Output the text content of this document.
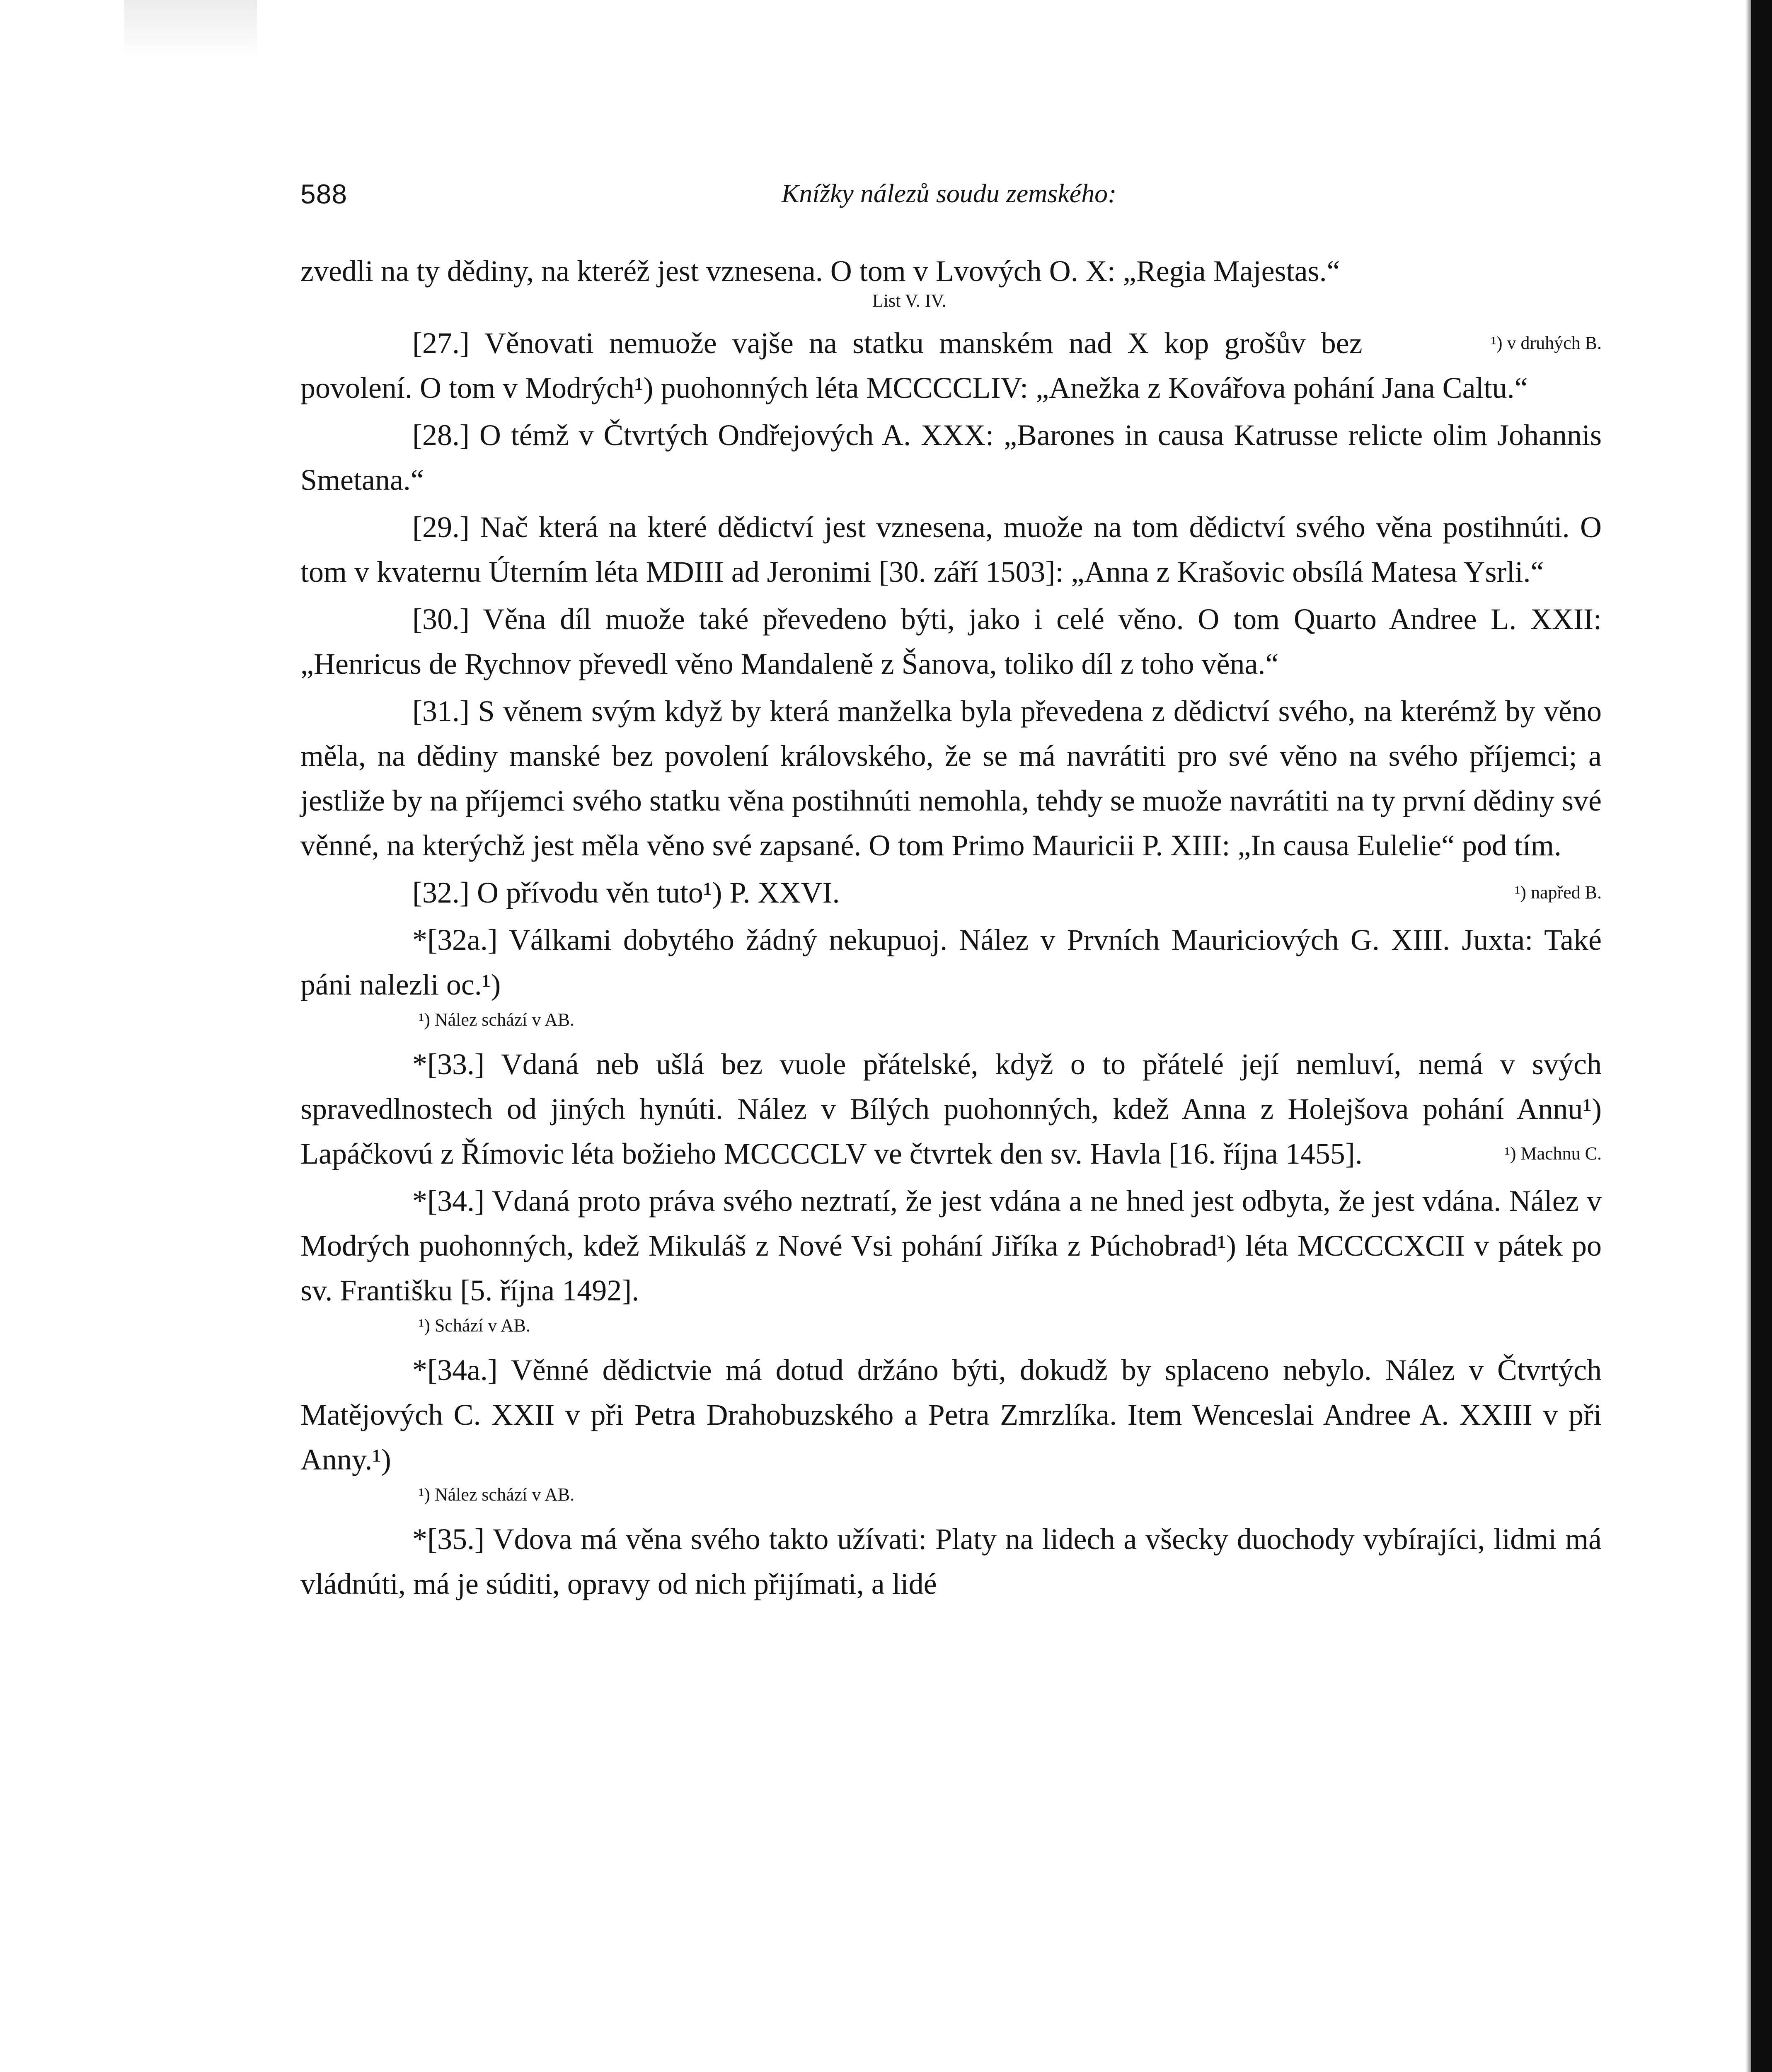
588	Knížky nálezů soudu zemského:

zvedli na ty dědiny, na kteréž jest vznesena. O tom v Lvových O. X: „Regia Majestas.“

List V. IV.

¹) v druhých B.
[27.] Věnovati nemuože vajše na statku manském nad X kop grošův bez povolení. O tom v Modrých¹) puohonných léta MCCCCLIV: „Anežka z Kovářova pohání Jana Caltu.“

[28.] O témž v Čtvrtých Ondřejových A. XXX: „Barones in causa Katrusse relicte olim Johannis Smetana.“

[29.] Nač která na které dědictví jest vznesena, muože na tom dědictví svého věna postihnúti. O tom v kvaternu Úterním léta MDIII ad Jeronimi [30. září 1503]: „Anna z Krašovic obsílá Matesa Ysrli.“

[30.] Věna díl muože také převedeno býti, jako i celé věno. O tom Quarto Andree L. XXII: „Henricus de Rychnov převedl věno Mandaleně z Šanova, toliko díl z toho věna.“

[31.] S věnem svým když by která manželka byla převedena z dědictví svého, na kterémž by věno měla, na dědiny manské bez povolení královského, že se má navrátiti pro své věno na svého příjemci; a jestliže by na příjemci svého statku věna postihnúti nemohla, tehdy se muože navrátiti na ty první dědiny své věnné, na kterýchž jest měla věno své zapsané. O tom Primo Mauricii P. XIII: „In causa Eulelie“ pod tím.

¹) napřed B.
[32.] O přívodu věn tuto¹) P. XXVI.

*[32a.] Válkami dobytého žádný nekupuoj. Nález v Prvních Mauriciových G. XIII. Juxta: Také páni nalezli oc.¹)

¹) Nález schází v AB.

*[33.] Vdaná neb ušlá bez vuole přátelské, když o to přátelé její nemluví, nemá v svých spravedlnostech od jiných hynúti. Nález v Bílých puohonných, kdež Anna z Holejšova pohání Annu¹) Lapáčkovú z Římovic léta božieho MCCCCLV ve čtvrtek den sv. Havla [16. října 1455].	¹) Machnu C.

*[34.] Vdaná proto práva svého neztratí, že jest vdána a ne hned jest odbyta, že jest vdána. Nález v Modrých puohonných, kdež Mikuláš z Nové Vsi pohání Jiříka z Púchobrad¹) léta MCCCCXCII v pátek po sv. Františku [5. října 1492].

¹) Schází v AB.

*[34a.] Věnné dědictvie má dotud držáno býti, dokudž by splaceno nebylo. Nález v Čtvrtých Matějových C. XXII v při Petra Drahobuzského a Petra Zmrzlíka. Item Wenceslai Andree A. XXIII v při Anny.¹)

¹) Nález schází v AB.

*[35.] Vdova má věna svého takto užívati: Platy na lidech a všecky duochody vybírajíci, lidmi má vládnúti, má je súditi, opravy od nich přijímati, a lidé
